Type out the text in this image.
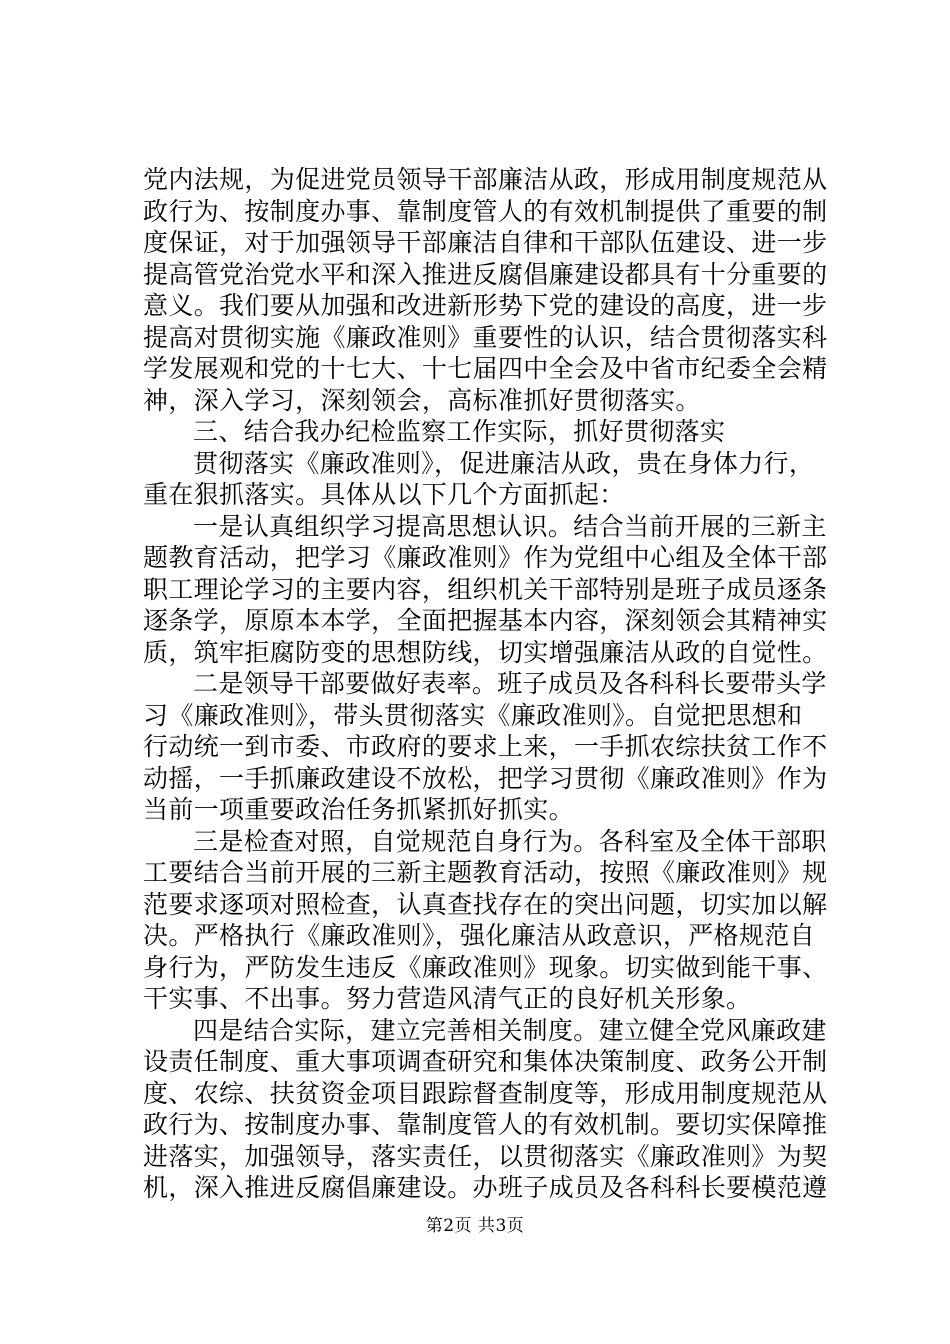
党内法规，为促进党员领导干部廉洁从政，形成用制度规范从
政行为、按制度办事、靠制度管人的有效机制提供了重要的制
度保证，对于加强领导干部廉洁自律和干部队伍建设、进一步
提高管党治党水平和深入推进反腐倡廉建设都具有十分重要的
意义。我们要从加强和改进新形势下党的建设的高度，进一步
提高对贯彻实施《廉政准则》重要性的认识，结合贯彻落实科
学发展观和党的十七大、十七届四中全会及中省市纪委全会精
神，深入学习，深刻领会，高标准抓好贯彻落实。
三、结合我办纪检监察工作实际，抓好贯彻落实
贯彻落实《廉政准则》，促进廉洁从政，贵在身体力行，
重在狠抓落实。具体从以下几个方面抓起：
一是认真组织学习提高思想认识。结合当前开展的三新主
题教育活动，把学习《廉政准则》作为党组中心组及全体干部
职工理论学习的主要内容，组织机关干部特别是班子成员逐条
逐条学，原原本本学，全面把握基本内容，深刻领会其精神实
质，筑牢拒腐防变的思想防线，切实增强廉洁从政的自觉性。
二是领导干部要做好表率。班子成员及各科科长要带头学
习《廉政准则》，带头贯彻落实《廉政准则》。自觉把思想和
行动统一到市委、市政府的要求上来，一手抓农综扶贫工作不
动摇，一手抓廉政建设不放松，把学习贯彻《廉政准则》作为
当前一项重要政治任务抓紧抓好抓实。
三是检查对照，自觉规范自身行为。各科室及全体干部职
工要结合当前开展的三新主题教育活动，按照《廉政准则》规
范要求逐项对照检查，认真查找存在的突出问题，切实加以解
决。严格执行《廉政准则》，强化廉洁从政意识，严格规范自
身行为，严防发生违反《廉政准则》现象。切实做到能干事、
干实事、不出事。努力营造风清气正的良好机关形象。
四是结合实际，建立完善相关制度。建立健全党风廉政建
设责任制度、重大事项调查研究和集体决策制度、政务公开制
度、农综、扶贫资金项目跟踪督查制度等，形成用制度规范从
政行为、按制度办事、靠制度管人的有效机制。要切实保障推
进落实，加强领导，落实责任，以贯彻落实《廉政准则》为契
机，深入推进反腐倡廉建设。办班子成员及各科科长要模范遵
第2页 共3页
